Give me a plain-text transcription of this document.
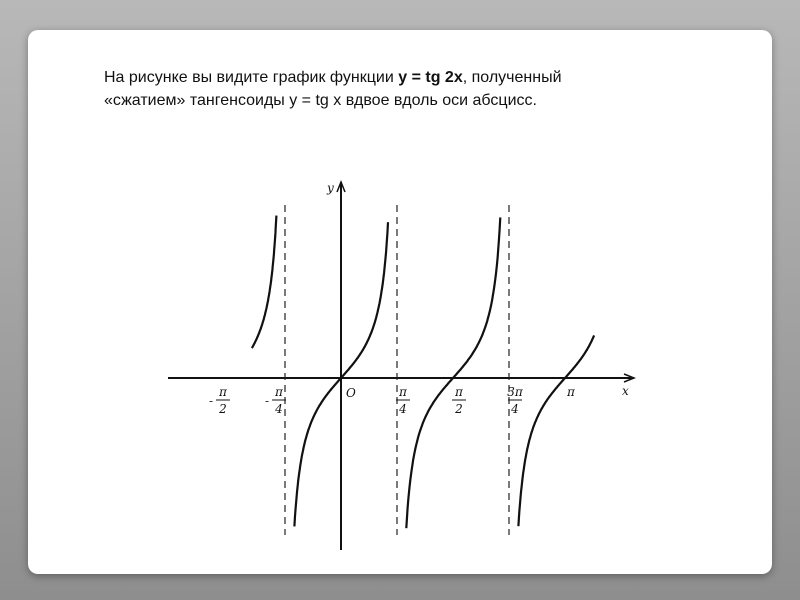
На рисунке вы видите график функции y = tg 2x, полученный
«сжатием» тангенсоиды у = tg x вдвое вдоль оси абсцисс.
x
y
O
-
π
2
-
π
4
π
4
π
2
3π
4
π
